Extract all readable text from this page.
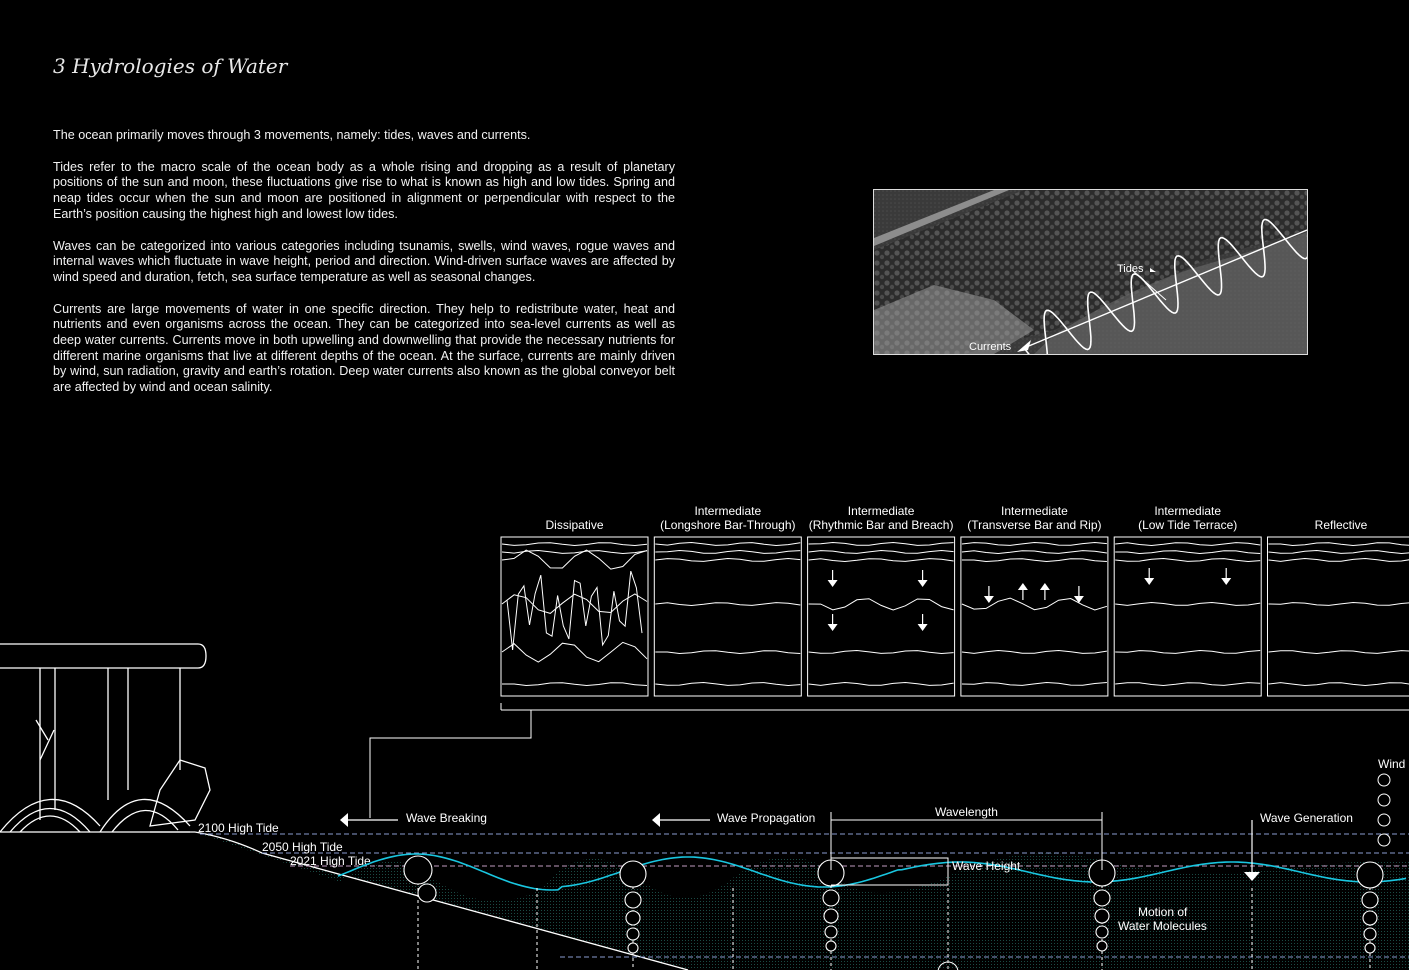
3 Hydrologies of Water

The ocean primarily moves through 3 movements, namely: tides, waves and currents.

Tides refer to the macro scale of the ocean body as a whole rising and dropping as a result of planetary positions of the sun and moon, these fluctuations give rise to what is known as high and low tides. Spring and neap tides occur when the sun and moon are positioned in alignment or perpendicular with respect to the Earth’s position causing the highest high and lowest low tides.

Waves can be categorized into various categories including tsunamis, swells, wind waves, rogue waves and internal waves which fluctuate in wave height, period and direction. Wind-driven surface waves are affected by wind speed and duration, fetch, sea surface temperature as well as seasonal changes.

Currents are large movements of water in one specific direction. They help to redistribute water, heat and nutrients and even organisms across the ocean. They can be categorized into sea-level currents as well as deep water currents. Currents move in both upwelling and downwelling that provide the necessary nutrients for different marine organisms that live at different depths of the ocean. At the surface, currents are mainly driven by wind, sun radiation, gravity and earth’s rotation. Deep water currents also known as the global conveyor belt are affected by wind and ocean salinity.

Tides
Currents
Dissipative
Intermediate
(Longshore Bar-Through)
Intermediate
(Rhythmic Bar and Breach)
Intermediate
(Transverse Bar and Rip)
Intermediate
(Low Tide Terrace)	Reflective
2100 High Tide
2050 High Tide
2021 High Tide
Wave Breaking	Wave Propagation	Wavelength
Wave Height
Wave Generation
Wind
Motion of
Water Molecules
